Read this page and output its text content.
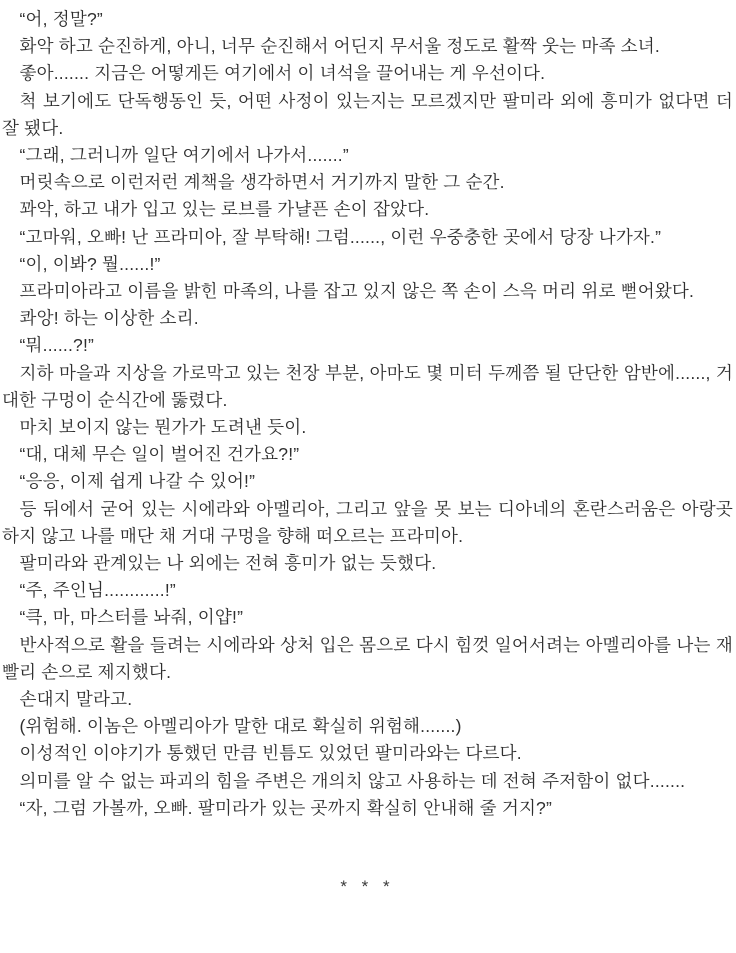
“어, 정말?”

화악 하고 순진하게, 아니, 너무 순진해서 어딘지 무서울 정도로 활짝 웃는 마족 소녀.

좋아....... 지금은 어떻게든 여기에서 이 녀석을 끌어내는 게 우선이다.

척 보기에도 단독행동인 듯, 어떤 사정이 있는지는 모르겠지만 팔미라 외에 흥미가 없다면 더 잘 됐다.

“그래, 그러니까 일단 여기에서 나가서.......”

머릿속으로 이런저런 계책을 생각하면서 거기까지 말한 그 순간.

꽈악, 하고 내가 입고 있는 로브를 가냘픈 손이 잡았다.

“고마워, 오빠! 난 프라미아, 잘 부탁해! 그럼......, 이런 우중충한 곳에서 당장 나가자.”

“이, 이봐? 뭘......!”

프라미아라고 이름을 밝힌 마족의, 나를 잡고 있지 않은 쪽 손이 스윽 머리 위로 뻗어왔다.

콰앙! 하는 이상한 소리.

“뭐......?!”

지하 마을과 지상을 가로막고 있는 천장 부분, 아마도 몇 미터 두께쯤 될 단단한 암반에......, 거대한 구멍이 순식간에 뚫렸다.

마치 보이지 않는 뭔가가 도려낸 듯이.

“대, 대체 무슨 일이 벌어진 건가요?!”

“응응, 이제 쉽게 나갈 수 있어!”

등 뒤에서 굳어 있는 시에라와 아멜리아, 그리고 앞을 못 보는 디아네의 혼란스러움은 아랑곳하지 않고 나를 매단 채 거대 구멍을 향해 떠오르는 프라미아.

팔미라와 관계있는 나 외에는 전혀 흥미가 없는 듯했다.

“주, 주인님............!”

“큭, 마, 마스터를 놔줘, 이얍!”

반사적으로 활을 들려는 시에라와 상처 입은 몸으로 다시 힘껏 일어서려는 아멜리아를 나는 재빨리 손으로 제지했다.

손대지 말라고.

(위험해. 이놈은 아멜리아가 말한 대로 확실히 위험해.......)

이성적인 이야기가 통했던 만큼 빈틈도 있었던 팔미라와는 다르다.

의미를 알 수 없는 파괴의 힘을 주변은 개의치 않고 사용하는 데 전혀 주저함이 없다.......

“자, 그럼 가볼까, 오빠. 팔미라가 있는 곳까지 확실히 안내해 줄 거지?”

* * *
